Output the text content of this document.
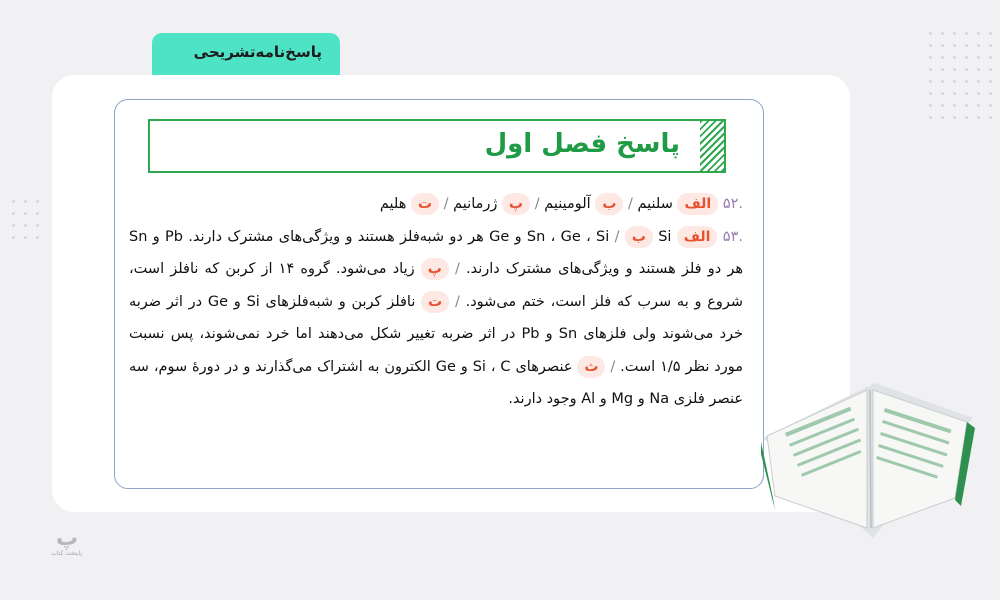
پاسخ‌نامه‌تشریحی
پاسخ فصل اول
.۵۲ الف سلنیم / ب آلومینیم / پ ژرمانیم / ت هلیم
.۵۳ الف Sn ، Ge ، Si / ب Si و Ge هر دو شبه‌فلز هستند و ویژگی‌های مشترک دارند. Pb و Sn هر دو فلز هستند و ویژگی‌های مشترک دارند. / پ زیاد می‌شود. گروه ۱۴ از کربن که نافلز است، شروع و به سرب که فلز است، ختم می‌شود. / ت نافلز کربن و شبه‌فلزهای Si و Ge در اثر ضربه خرد می‌شوند ولی فلزهای Sn و Pb در اثر ضربه تغییر شکل می‌دهند اما خرد نمی‌شوند، پس نسبت مورد نظر ۱/۵ است. / ث عنصرهای Si ، C و Ge الکترون به اشتراک می‌گذارند و در دورهٔ سوم، سه عنصر فلزی Na و Mg و Al وجود دارند.
پ
پایتخت کتاب
